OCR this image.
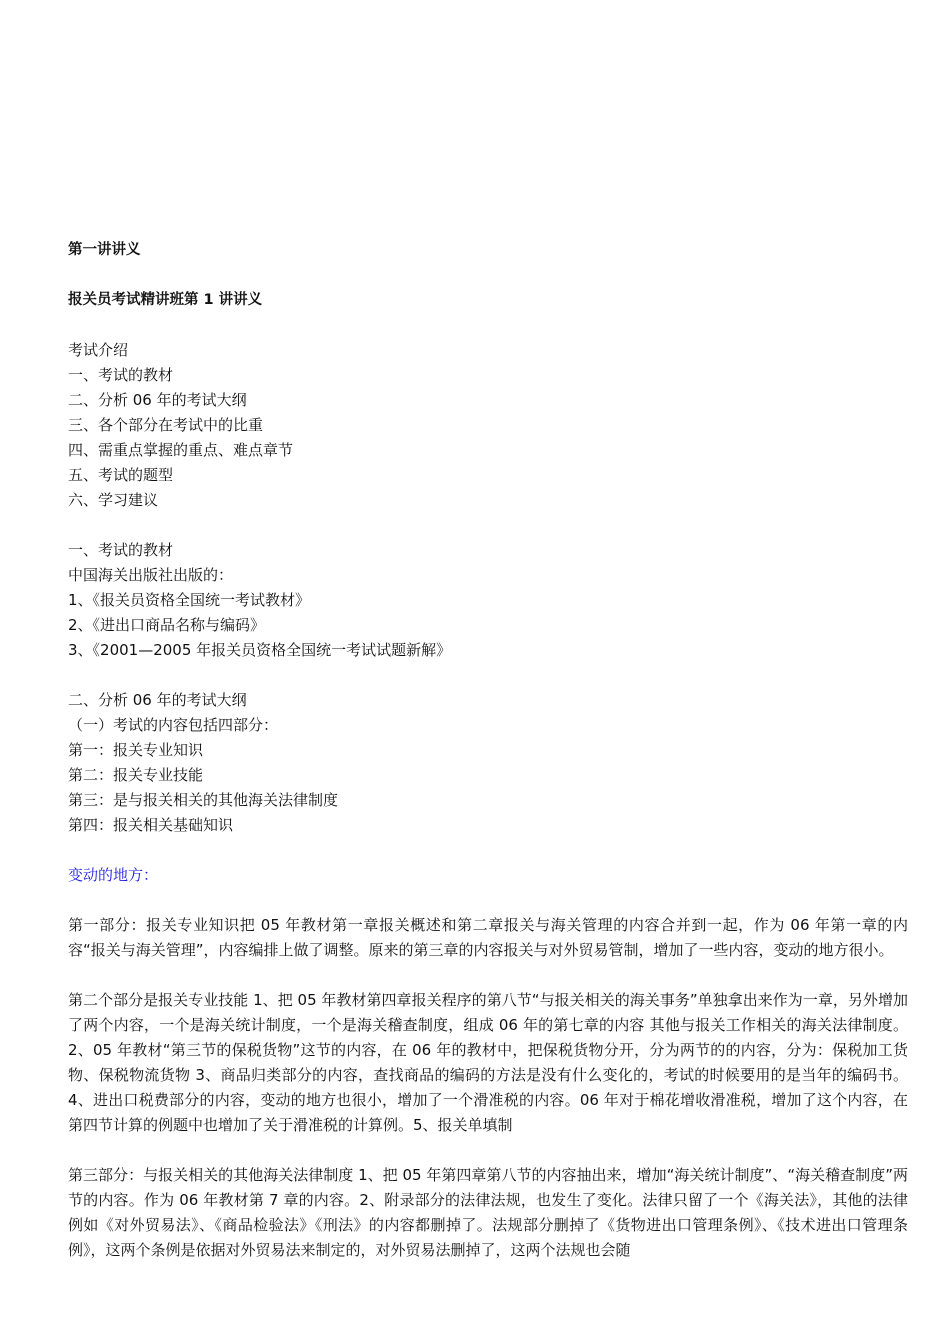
第一讲讲义
报关员考试精讲班第 1 讲讲义
考试介绍
一、考试的教材
二、分析 06 年的考试大纲
三、各个部分在考试中的比重
四、需重点掌握的重点、难点章节
五、考试的题型
六、学习建议
一、考试的教材
中国海关出版社出版的：
1、《报关员资格全国统一考试教材》
2、《进出口商品名称与编码》
3、《2001—2005 年报关员资格全国统一考试试题新解》
二、分析 06 年的考试大纲
（一）考试的内容包括四部分：
第一：报关专业知识
第二：报关专业技能
第三：是与报关相关的其他海关法律制度
第四：报关相关基础知识
变动的地方：
第一部分：报关专业知识把 05 年教材第一章报关概述和第二章报关与海关管理的内容合并到一起，作为 06 年第一章的内容“报关与海关管理”，内容编排上做了调整。原来的第三章的内容报关与对外贸易管制，增加了一些内容，变动的地方很小。
第二个部分是报关专业技能 1、把 05 年教材第四章报关程序的第八节“与报关相关的海关事务”单独拿出来作为一章，另外增加了两个内容，一个是海关统计制度，一个是海关稽查制度，组成 06 年的第七章的内容 其他与报关工作相关的海关法律制度。2、05 年教材“第三节的保税货物”这节的内容，在 06 年的教材中，把保税货物分开，分为两节的的内容，分为：保税加工货物、保税物流货物 3、商品归类部分的内容，查找商品的编码的方法是没有什么变化的，考试的时候要用的是当年的编码书。4、进出口税费部分的内容，变动的地方也很小，增加了一个滑准税的内容。06 年对于棉花增收滑准税，增加了这个内容，在第四节计算的例题中也增加了关于滑准税的计算例。5、报关单填制
第三部分：与报关相关的其他海关法律制度 1、把 05 年第四章第八节的内容抽出来，增加“海关统计制度”、“海关稽查制度”两节的内容。作为 06 年教材第 7 章的内容。2、附录部分的法律法规，也发生了变化。法律只留了一个《海关法》，其他的法律例如《对外贸易法》、《商品检验法》《刑法》的内容都删掉了。法规部分删掉了《货物进出口管理条例》、《技术进出口管理条例》，这两个条例是依据对外贸易法来制定的，对外贸易法删掉了，这两个法规也会随
